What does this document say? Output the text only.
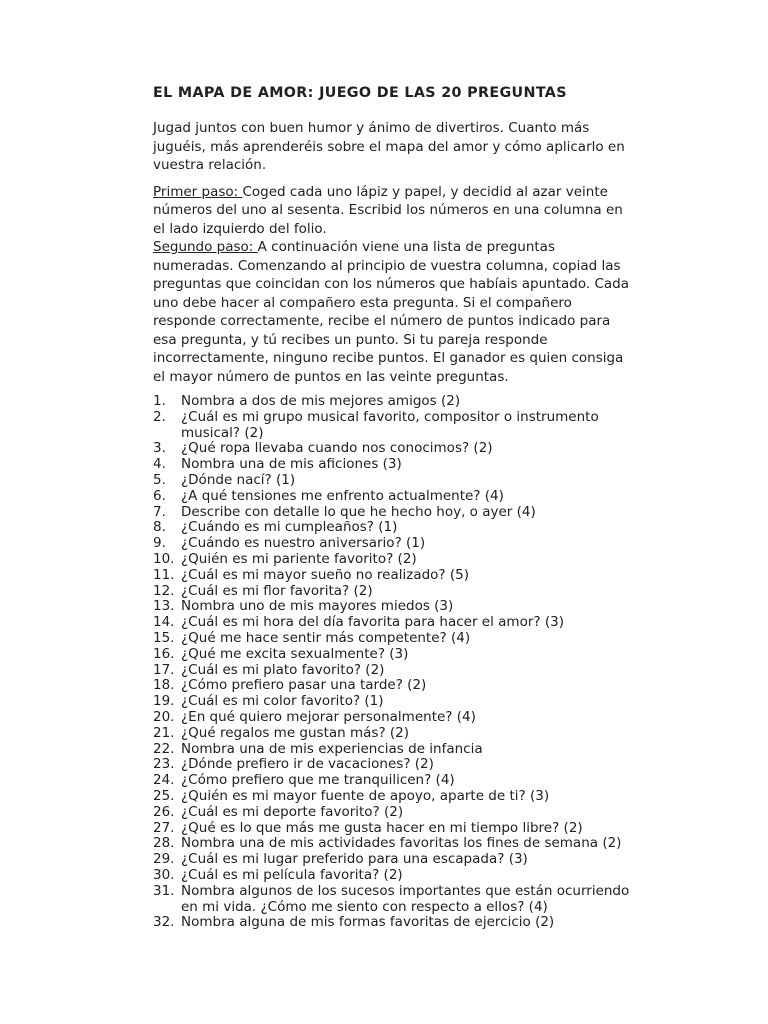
EL MAPA DE AMOR: JUEGO DE LAS 20 PREGUNTAS
Jugad juntos con buen humor y ánimo de divertiros. Cuanto más
juguéis, más aprenderéis sobre el mapa del amor y cómo aplicarlo en
vuestra relación.
Primer paso: Coged cada uno lápiz y papel, y decidid al azar veinte
números del uno al sesenta. Escribid los números en una columna en
el lado izquierdo del folio.
Segundo paso: A continuación viene una lista de preguntas
numeradas. Comenzando al principio de vuestra columna, copiad las
preguntas que coincidan con los números que habíais apuntado. Cada
uno debe hacer al compañero esta pregunta. Si el compañero
responde correctamente, recibe el número de puntos indicado para
esa pregunta, y tú recibes un punto. Si tu pareja responde
incorrectamente, ninguno recibe puntos. El ganador es quien consiga
el mayor número de puntos en las veinte preguntas.
1. Nombra a dos de mis mejores amigos (2)
2. ¿Cuál es mi grupo musical favorito, compositor o instrumento
musical? (2)
3. ¿Qué ropa llevaba cuando nos conocimos? (2)
4. Nombra una de mis aficiones (3)
5. ¿Dónde nací? (1)
6. ¿A qué tensiones me enfrento actualmente? (4)
7. Describe con detalle lo que he hecho hoy, o ayer (4)
8. ¿Cuándo es mi cumpleaños? (1)
9. ¿Cuándo es nuestro aniversario? (1)
10. ¿Quién es mi pariente favorito? (2)
11. ¿Cuál es mi mayor sueño no realizado? (5)
12. ¿Cuál es mi flor favorita? (2)
13. Nombra uno de mis mayores miedos (3)
14. ¿Cuál es mi hora del día favorita para hacer el amor? (3)
15. ¿Qué me hace sentir más competente? (4)
16. ¿Qué me excita sexualmente? (3)
17. ¿Cuál es mi plato favorito? (2)
18. ¿Cómo prefiero pasar una tarde? (2)
19. ¿Cuál es mi color favorito? (1)
20. ¿En qué quiero mejorar personalmente? (4)
21. ¿Qué regalos me gustan más? (2)
22. Nombra una de mis experiencias de infancia
23. ¿Dónde prefiero ir de vacaciones? (2)
24. ¿Cómo prefiero que me tranquilicen? (4)
25. ¿Quién es mi mayor fuente de apoyo, aparte de ti? (3)
26. ¿Cuál es mi deporte favorito? (2)
27. ¿Qué es lo que más me gusta hacer en mi tiempo libre? (2)
28. Nombra una de mis actividades favoritas los fines de semana (2)
29. ¿Cuál es mi lugar preferido para una escapada? (3)
30. ¿Cuál es mi película favorita? (2)
31. Nombra algunos de los sucesos importantes que están ocurriendo
en mi vida. ¿Cómo me siento con respecto a ellos? (4)
32. Nombra alguna de mis formas favoritas de ejercicio (2)
